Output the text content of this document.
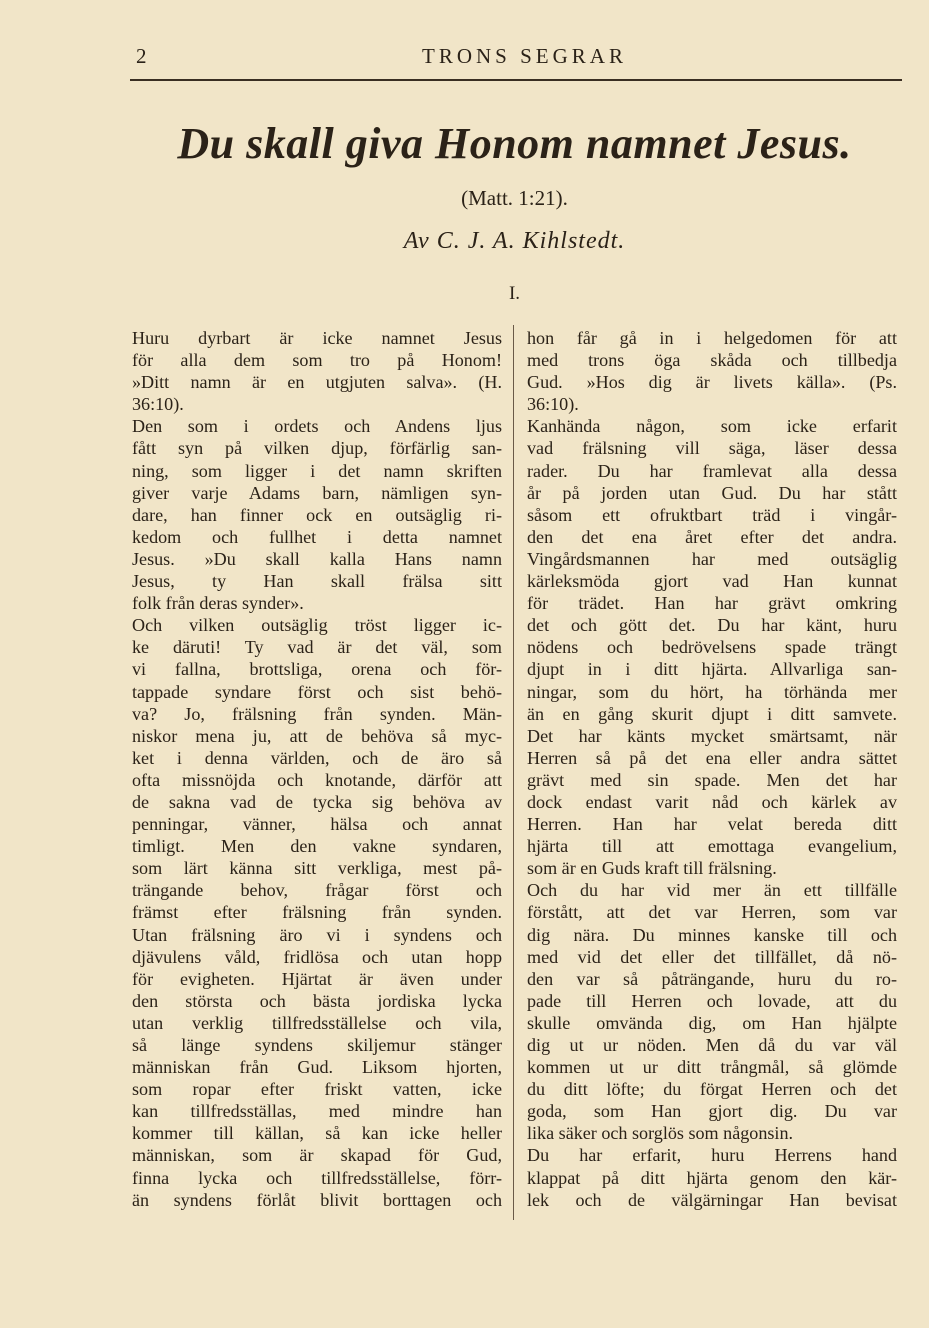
2	TRONS SEGRAR
Du skall giva Honom namnet Jesus.
(Matt. 1:21).
Av C. J. A. Kihlstedt.
I.
Huru dyrbart är icke namnet Jesus
för alla dem som tro på Honom!
»Ditt namn är en utgjuten salva». (H.
36:10).
Den som i ordets och Andens ljus
fått syn på vilken djup, förfärlig san-
ning, som ligger i det namn skriften
giver varje Adams barn, nämligen syn-
dare, han finner ock en outsäglig ri-
kedom och fullhet i detta namnet
Jesus. »Du skall kalla Hans namn
Jesus, ty Han skall frälsa sitt
folk från deras synder».
Och vilken outsäglig tröst ligger ic-
ke däruti! Ty vad är det väl, som
vi fallna, brottsliga, orena och för-
tappade syndare först och sist behö-
va? Jo, frälsning från synden. Män-
niskor mena ju, att de behöva så myc-
ket i denna världen, och de äro så
ofta missnöjda och knotande, därför att
de sakna vad de tycka sig behöva av
penningar, vänner, hälsa och annat
timligt. Men den vakne syndaren,
som lärt känna sitt verkliga, mest på-
trängande behov, frågar först och
främst efter frälsning från synden.
Utan frälsning äro vi i syndens och
djävulens våld, fridlösa och utan hopp
för evigheten. Hjärtat är även under
den största och bästa jordiska lycka
utan verklig tillfredsställelse och vila,
så länge syndens skiljemur stänger
människan från Gud. Liksom hjorten,
som ropar efter friskt vatten, icke
kan tillfredsställas, med mindre han
kommer till källan, så kan icke heller
människan, som är skapad för Gud,
finna lycka och tillfredsställelse, förr-
än syndens förlåt blivit borttagen och
hon får gå in i helgedomen för att
med trons öga skåda och tillbedja
Gud. »Hos dig är livets källa». (Ps.
36:10).
Kanhända någon, som icke erfarit
vad frälsning vill säga, läser dessa
rader. Du har framlevat alla dessa
år på jorden utan Gud. Du har stått
såsom ett ofruktbart träd i vingår-
den det ena året efter det andra.
Vingårdsmannen har med outsäglig
kärleksmöda gjort vad Han kunnat
för trädet. Han har grävt omkring
det och gött det. Du har känt, huru
nödens och bedrövelsens spade trängt
djupt in i ditt hjärta. Allvarliga san-
ningar, som du hört, ha törhända mer
än en gång skurit djupt i ditt samvete.
Det har känts mycket smärtsamt, när
Herren så på det ena eller andra sättet
grävt med sin spade. Men det har
dock endast varit nåd och kärlek av
Herren. Han har velat bereda ditt
hjärta till att emottaga evangelium,
som är en Guds kraft till frälsning.
Och du har vid mer än ett tillfälle
förstått, att det var Herren, som var
dig nära. Du minnes kanske till och
med vid det eller det tillfället, då nö-
den var så påträngande, huru du ro-
pade till Herren och lovade, att du
skulle omvända dig, om Han hjälpte
dig ut ur nöden. Men då du var väl
kommen ut ur ditt trångmål, så glömde
du ditt löfte; du förgat Herren och det
goda, som Han gjort dig. Du var
lika säker och sorglös som någonsin.
Du har erfarit, huru Herrens hand
klappat på ditt hjärta genom den kär-
lek och de välgärningar Han bevisat
